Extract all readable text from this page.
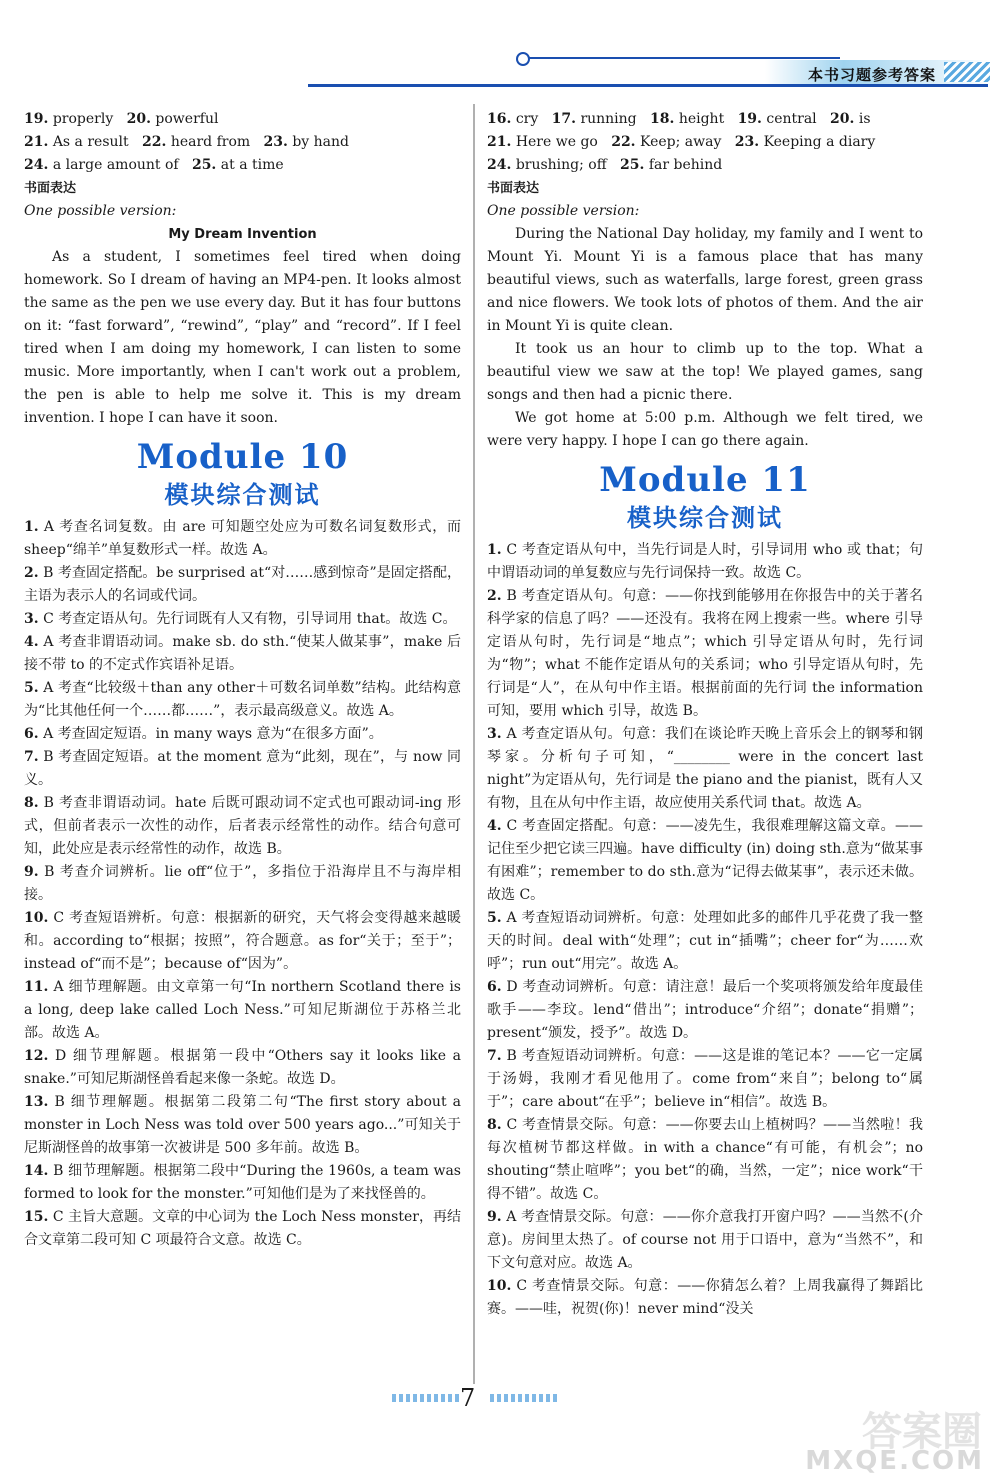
本书习题参考答案
19. properly 20. powerful
21. As a result 22. heard from 23. by hand
24. a large amount of 25. at a time
书面表达
One possible version:
My Dream Invention

As a student, I sometimes feel tired when doing homework. So I dream of having an MP4-pen. It looks almost the same as the pen we use every day. But it has four buttons on it: “fast forward”, “rewind”, “play” and “record”. If I feel tired when I am doing my homework, I can listen to some music. More importantly, when I can't work out a problem, the pen is able to help me solve it. This is my dream invention. I hope I can have it soon.

Module 10
模块综合测试

1. A 考查名词复数。由 are 可知题空处应为可数名词复数形式，而 sheep“绵羊”单复数形式一样。故选 A。

2. B 考查固定搭配。be surprised at“对……感到惊奇”是固定搭配，主语为表示人的名词或代词。

3. C 考查定语从句。先行词既有人又有物，引导词用 that。故选 C。

4. A 考查非谓语动词。make sb. do sth.“使某人做某事”，make 后接不带 to 的不定式作宾语补足语。

5. A 考查“比较级＋than any other＋可数名词单数”结构。此结构意为“比其他任何一个……都……”，表示最高级意义。故选 A。

6. A 考查固定短语。in many ways 意为“在很多方面”。

7. B 考查固定短语。at the moment 意为“此刻，现在”，与 now 同义。

8. B 考查非谓语动词。hate 后既可跟动词不定式也可跟动词-ing 形式，但前者表示一次性的动作，后者表示经常性的动作。结合句意可知，此处应是表示经常性的动作，故选 B。

9. B 考查介词辨析。lie off“位于”，多指位于沿海岸且不与海岸相接。

10. C 考查短语辨析。句意：根据新的研究，天气将会变得越来越暖和。according to“根据；按照”，符合题意。as for“关于；至于”；instead of“而不是”；because of“因为”。

11. A 细节理解题。由文章第一句“In northern Scotland there is a long, deep lake called Loch Ness.”可知尼斯湖位于苏格兰北部。故选 A。

12. D 细节理解题。根据第一段中“Others say it looks like a snake.”可知尼斯湖怪兽看起来像一条蛇。故选 D。

13. B 细节理解题。根据第二段第二句“The first story about a monster in Loch Ness was told over 500 years ago...”可知关于尼斯湖怪兽的故事第一次被讲是 500 多年前。故选 B。

14. B 细节理解题。根据第二段中“During the 1960s, a team was formed to look for the monster.”可知他们是为了来找怪兽的。

15. C 主旨大意题。文章的中心词为 the Loch Ness monster，再结合文章第二段可知 C 项最符合文意。故选 C。

16. cry 17. running 18. height 19. central 20. is
21. Here we go 22. Keep; away 23. Keeping a diary
24. brushing; off 25. far behind
书面表达
One possible version:

During the National Day holiday, my family and I went to Mount Yi. Mount Yi is a famous place that has many beautiful views, such as waterfalls, large forest, green grass and nice flowers. We took lots of photos of them. And the air in Mount Yi is quite clean.

It took us an hour to climb up to the top. What a beautiful view we saw at the top! We played games, sang songs and then had a picnic there.

We got home at 5:00 p.m. Although we felt tired, we were very happy. I hope I can go there again.

Module 11
模块综合测试

1. C 考查定语从句中，当先行词是人时，引导词用 who 或 that；句中谓语动词的单复数应与先行词保持一致。故选 C。

2. B 考查定语从句。句意：——你找到能够用在你报告中的关于著名科学家的信息了吗？——还没有。我将在网上搜索一些。where 引导定语从句时，先行词是“地点”；which 引导定语从句时，先行词为“物”；what 不能作定语从句的关系词；who 引导定语从句时，先行词是“人”，在从句中作主语。根据前面的先行词 the information 可知，要用 which 引导，故选 B。

3. A 考查定语从句。句意：我们在谈论昨天晚上音乐会上的钢琴和钢琴家。分析句子可知，“________ were in the concert last night”为定语从句，先行词是 the piano and the pianist，既有人又有物，且在从句中作主语，故应使用关系代词 that。故选 A。

4. C 考查固定搭配。句意：——凌先生，我很难理解这篇文章。——记住至少把它读三四遍。have difficulty (in) doing sth.意为“做某事有困难”；remember to do sth.意为“记得去做某事”，表示还未做。故选 C。

5. A 考查短语动词辨析。句意：处理如此多的邮件几乎花费了我一整天的时间。deal with“处理”；cut in“插嘴”；cheer for“为……欢呼”；run out“用完”。故选 A。

6. D 考查动词辨析。句意：请注意！最后一个奖项将颁发给年度最佳歌手——李玟。lend“借出”；introduce“介绍”；donate“捐赠”；present“颁发，授予”。故选 D。

7. B 考查短语动词辨析。句意：——这是谁的笔记本？——它一定属于汤姆，我刚才看见他用了。come from“来自”；belong to“属于”；care about“在乎”；believe in“相信”。故选 B。

8. C 考查情景交际。句意：——你要去山上植树吗？——当然啦！我每次植树节都这样做。in with a chance“有可能，有机会”；no shouting“禁止喧哗”；you bet“的确，当然，一定”；nice work“干得不错”。故选 C。

9. A 考查情景交际。句意：——你介意我打开窗户吗？——当然不(介意)。房间里太热了。of course not 用于口语中，意为“当然不”，和下文句意对应。故选 A。

10. C 考查情景交际。句意：——你猜怎么着？上周我赢得了舞蹈比赛。——哇，祝贺(你)！never mind“没关

7
答案圈
MXQE.COM
